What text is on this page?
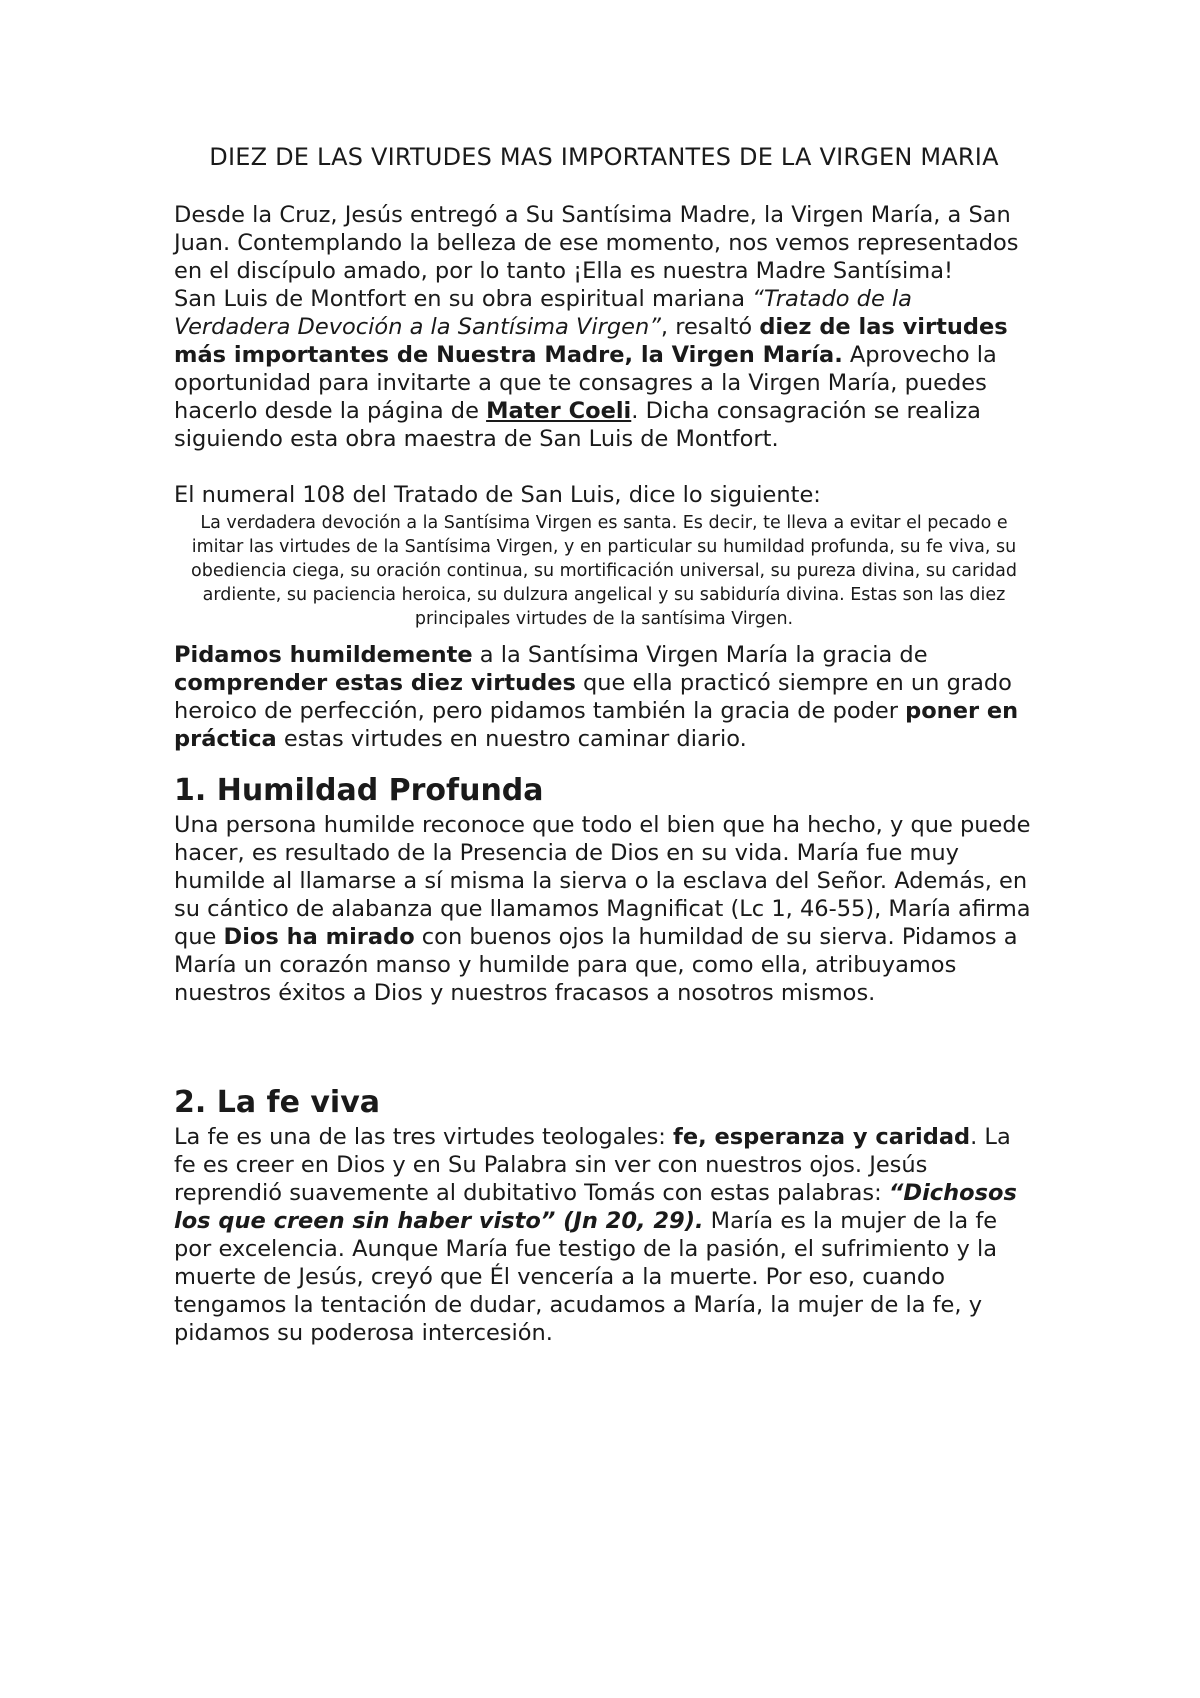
DIEZ DE LAS VIRTUDES MAS IMPORTANTES DE LA VIRGEN MARIA

Desde la Cruz, Jesús entregó a Su Santísima Madre, la Virgen María, a San Juan. Contemplando la belleza de ese momento, nos vemos representados en el discípulo amado, por lo tanto ¡Ella es nuestra Madre Santísima!

San Luis de Montfort en su obra espiritual mariana “Tratado de la Verdadera Devoción a la Santísima Virgen”, resaltó diez de las virtudes más importantes de Nuestra Madre, la Virgen María. Aprovecho la oportunidad para invitarte a que te consagres a la Virgen María, puedes hacerlo desde la página de Mater Coeli. Dicha consagración se realiza siguiendo esta obra maestra de San Luis de Montfort.

El numeral 108 del Tratado de San Luis, dice lo siguiente:

La verdadera devoción a la Santísima Virgen es santa. Es decir, te lleva a evitar el pecado e imitar las virtudes de la Santísima Virgen, y en particular su humildad profunda, su fe viva, su obediencia ciega, su oración continua, su mortificación universal, su pureza divina, su caridad ardiente, su paciencia heroica, su dulzura angelical y su sabiduría divina. Estas son las diez principales virtudes de la santísima Virgen.

Pidamos humildemente a la Santísima Virgen María la gracia de comprender estas diez virtudes que ella practicó siempre en un grado heroico de perfección, pero pidamos también la gracia de poder poner en práctica estas virtudes en nuestro caminar diario.

1. Humildad Profunda

Una persona humilde reconoce que todo el bien que ha hecho, y que puede hacer, es resultado de la Presencia de Dios en su vida. María fue muy humilde al llamarse a sí misma la sierva o la esclava del Señor. Además, en su cántico de alabanza que llamamos Magnificat (Lc 1, 46-55), María afirma que Dios ha mirado con buenos ojos la humildad de su sierva. Pidamos a María un corazón manso y humilde para que, como ella, atribuyamos nuestros éxitos a Dios y nuestros fracasos a nosotros mismos.

2. La fe viva

La fe es una de las tres virtudes teologales: fe, esperanza y caridad. La fe es creer en Dios y en Su Palabra sin ver con nuestros ojos. Jesús reprendió suavemente al dubitativo Tomás con estas palabras: “Dichosos los que creen sin haber visto” (Jn 20, 29). María es la mujer de la fe por excelencia. Aunque María fue testigo de la pasión, el sufrimiento y la muerte de Jesús, creyó que Él vencería a la muerte. Por eso, cuando tengamos la tentación de dudar, acudamos a María, la mujer de la fe, y pidamos su poderosa intercesión.
